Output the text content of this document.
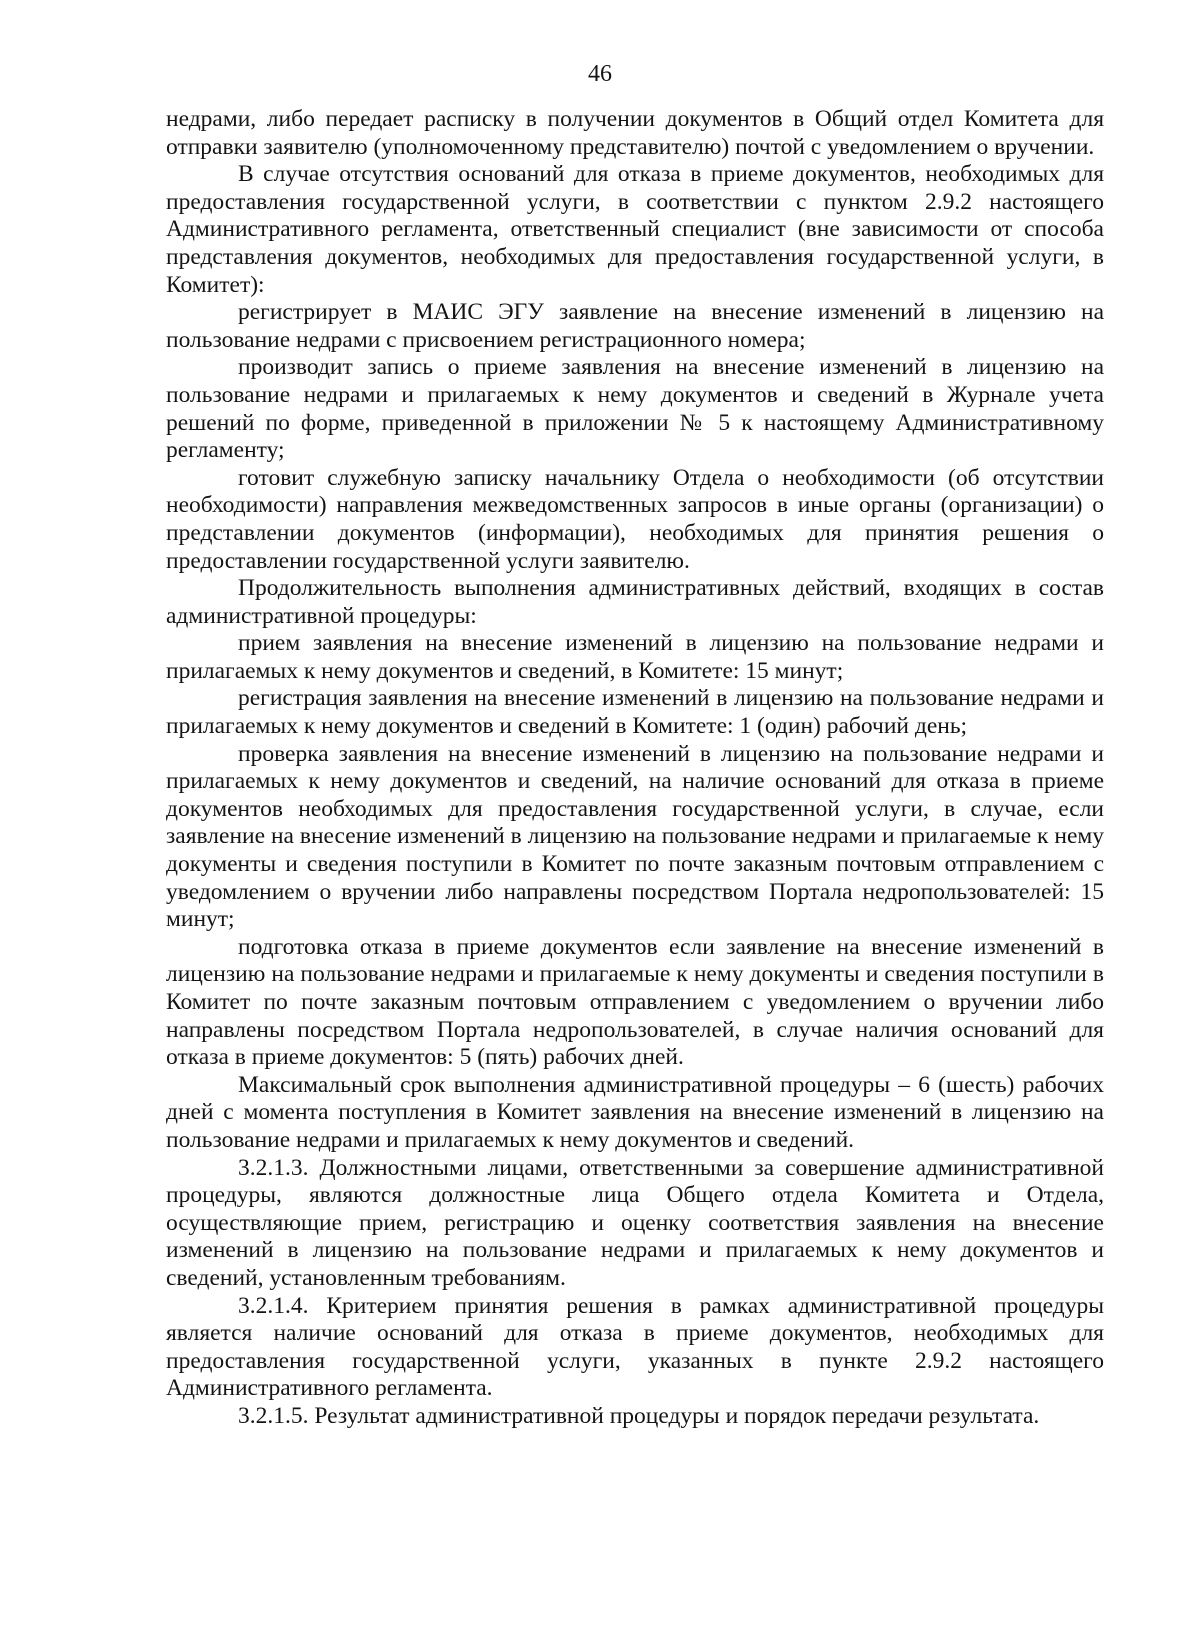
46

недрами, либо передает расписку в получении документов в Общий отдел Комитета для отправки заявителю (уполномоченному представителю) почтой с уведомлением о вручении.

В случае отсутствия оснований для отказа в приеме документов, необходимых для предоставления государственной услуги, в соответствии с пунктом 2.9.2 настоящего Административного регламента, ответственный специалист (вне зависимости от способа представления документов, необходимых для предоставления государственной услуги, в Комитет):

регистрирует в МАИС ЭГУ заявление на внесение изменений в лицензию на пользование недрами с присвоением регистрационного номера;

производит запись о приеме заявления на внесение изменений в лицензию на пользование недрами и прилагаемых к нему документов и сведений в Журнале учета решений по форме, приведенной в приложении № 5 к настоящему Административному регламенту;

готовит служебную записку начальнику Отдела о необходимости (об отсутствии необходимости) направления межведомственных запросов в иные органы (организации) о представлении документов (информации), необходимых для принятия решения о предоставлении государственной услуги заявителю.

Продолжительность выполнения административных действий, входящих в состав административной процедуры:

прием заявления на внесение изменений в лицензию на пользование недрами и прилагаемых к нему документов и сведений, в Комитете: 15 минут;

регистрация заявления на внесение изменений в лицензию на пользование недрами и прилагаемых к нему документов и сведений в Комитете: 1 (один) рабочий день;

проверка заявления на внесение изменений в лицензию на пользование недрами и прилагаемых к нему документов и сведений, на наличие оснований для отказа в приеме документов необходимых для предоставления государственной услуги, в случае, если заявление на внесение изменений в лицензию на пользование недрами и прилагаемые к нему документы и сведения поступили в Комитет по почте заказным почтовым отправлением с уведомлением о вручении либо направлены посредством Портала недропользователей: 15 минут;

подготовка отказа в приеме документов если заявление на внесение изменений в лицензию на пользование недрами и прилагаемые к нему документы и сведения поступили в Комитет по почте заказным почтовым отправлением с уведомлением о вручении либо направлены посредством Портала недропользователей, в случае наличия оснований для отказа в приеме документов: 5 (пять) рабочих дней.

Максимальный срок выполнения административной процедуры – 6 (шесть) рабочих дней с момента поступления в Комитет заявления на внесение изменений в лицензию на пользование недрами и прилагаемых к нему документов и сведений.

3.2.1.3. Должностными лицами, ответственными за совершение административной процедуры, являются должностные лица Общего отдела Комитета и Отдела, осуществляющие прием, регистрацию и оценку соответствия заявления на внесение изменений в лицензию на пользование недрами и прилагаемых к нему документов и сведений, установленным требованиям.

3.2.1.4. Критерием принятия решения в рамках административной процедуры является наличие оснований для отказа в приеме документов, необходимых для предоставления государственной услуги, указанных в пункте 2.9.2 настоящего Административного регламента.

3.2.1.5. Результат административной процедуры и порядок передачи результата.
